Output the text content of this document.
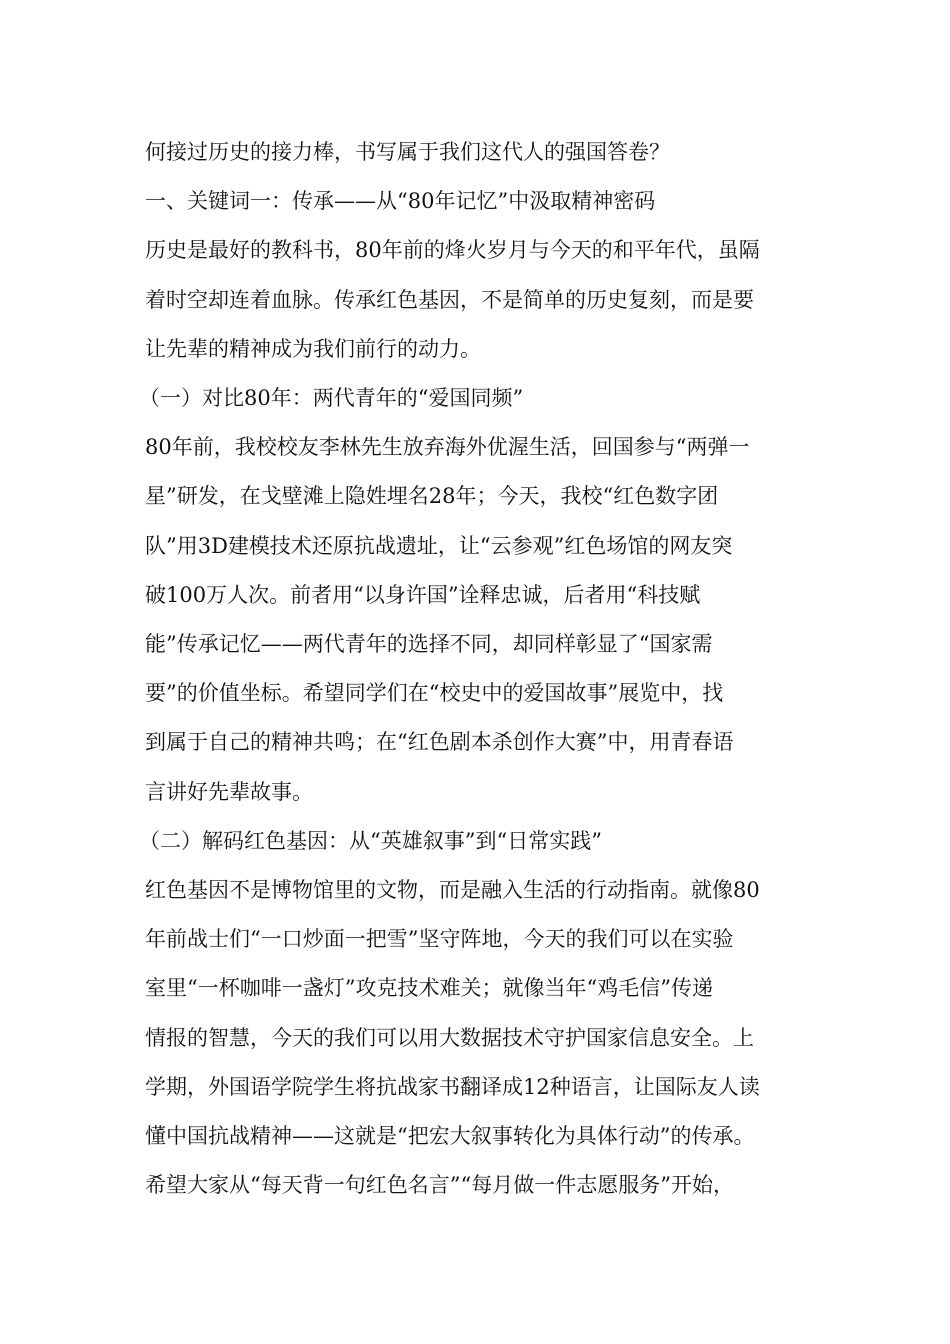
何接过历史的接力棒，书写属于我们这代人的强国答卷？

一、关键词一：传承——从“80年记忆”中汲取精神密码

历史是最好的教科书，80年前的烽火岁月与今天的和平年代，虽隔

着时空却连着血脉。传承红色基因，不是简单的历史复刻，而是要

让先辈的精神成为我们前行的动力。

（一）对比80年：两代青年的“爱国同频”

80年前，我校校友李林先生放弃海外优渥生活，回国参与“两弹一

星”研发，在戈壁滩上隐姓埋名28年；今天，我校“红色数字团

队”用3D建模技术还原抗战遗址，让“云参观”红色场馆的网友突

破100万人次。前者用“以身许国”诠释忠诚，后者用“科技赋

能”传承记忆——两代青年的选择不同，却同样彰显了“国家需

要”的价值坐标。希望同学们在“校史中的爱国故事”展览中，找

到属于自己的精神共鸣；在“红色剧本杀创作大赛”中，用青春语

言讲好先辈故事。

（二）解码红色基因：从“英雄叙事”到“日常实践”

红色基因不是博物馆里的文物，而是融入生活的行动指南。就像80

年前战士们“一口炒面一把雪”坚守阵地，今天的我们可以在实验

室里“一杯咖啡一盏灯”攻克技术难关；就像当年“鸡毛信”传递

情报的智慧，今天的我们可以用大数据技术守护国家信息安全。上

学期，外国语学院学生将抗战家书翻译成12种语言，让国际友人读

懂中国抗战精神——这就是“把宏大叙事转化为具体行动”的传承。

希望大家从“每天背一句红色名言”“每月做一件志愿服务”开始，
